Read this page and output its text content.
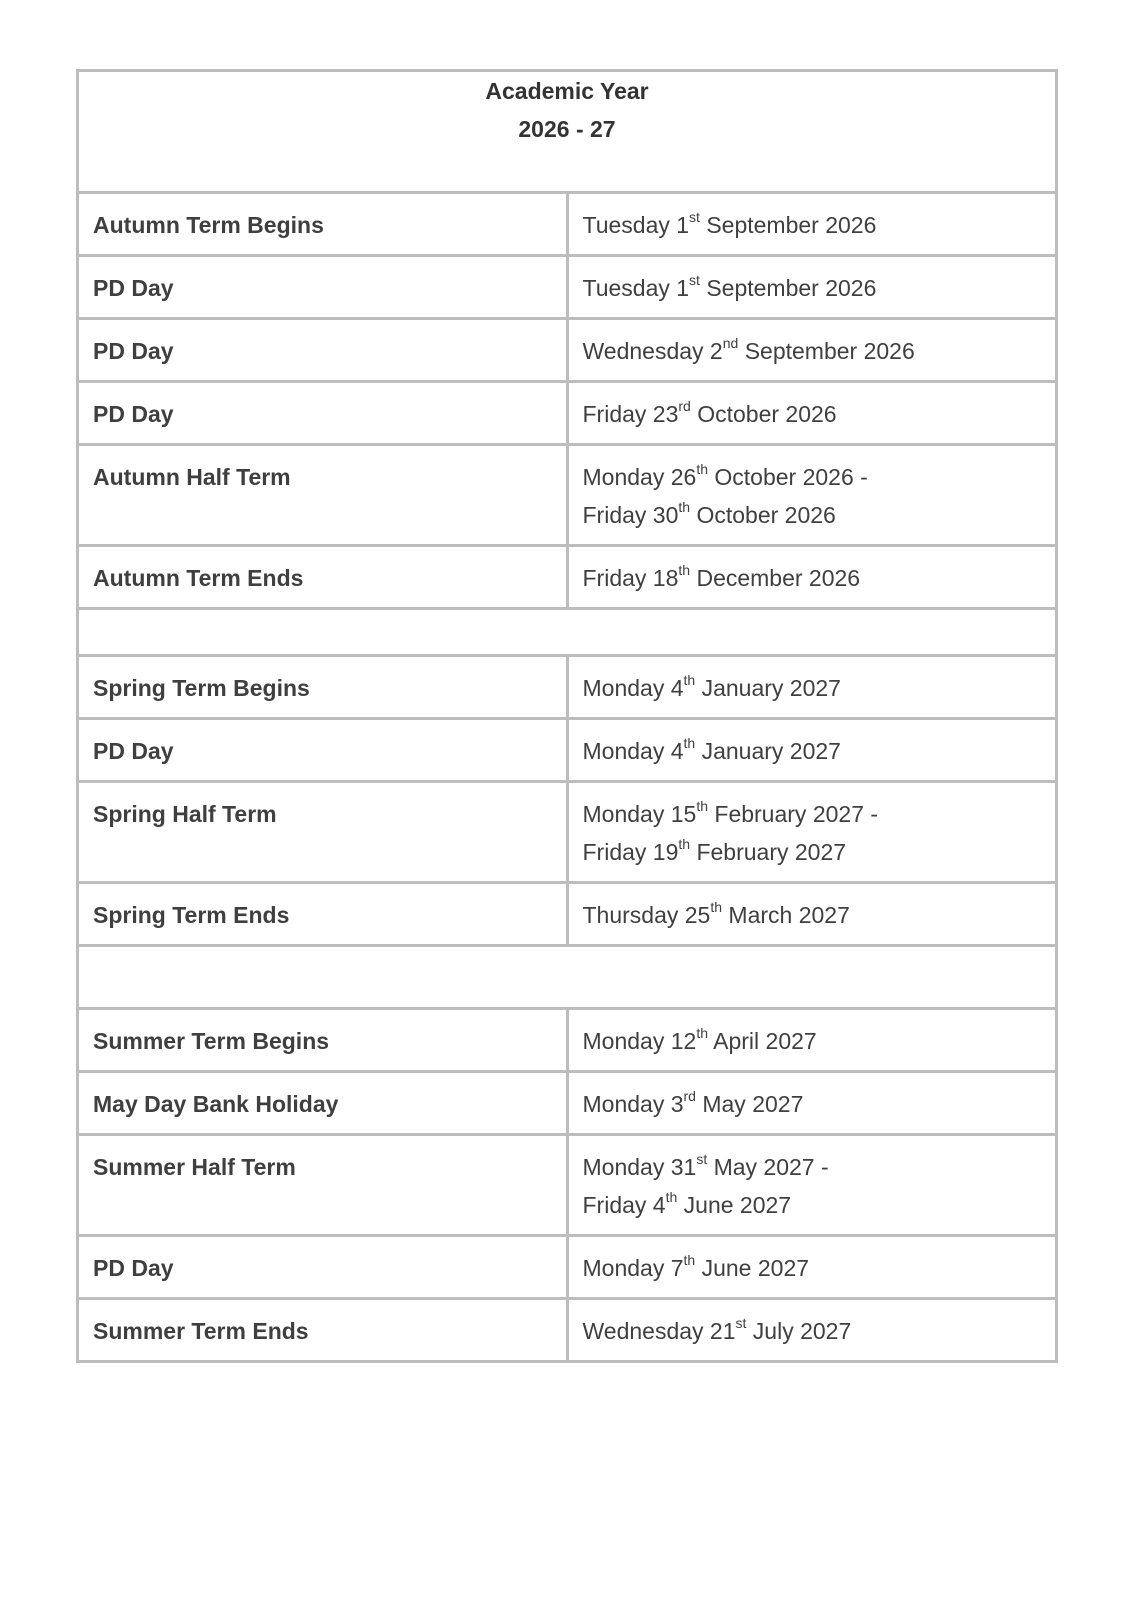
Academic Year
2026 - 27	

Autumn Term Begins	Tuesday 1st September 2026
PD Day	Tuesday 1st September 2026
PD Day	Wednesday 2nd September 2026
PD Day	Friday 23rd October 2026
Autumn Half Term	Monday 26th October 2026 -
Friday 30th October 2026

Autumn Term Ends	Friday 18th December 2026

Spring Term Begins	Monday 4th January 2027
PD Day	Monday 4th January 2027
Spring Half Term	Monday 15th February 2027 -
Friday 19th February 2027

Spring Term Ends	Thursday 25th March 2027

Summer Term Begins	Monday 12th April 2027
May Day Bank Holiday	Monday 3rd May 2027
Summer Half Term	Monday 31st May 2027 -
Friday 4th June 2027

PD Day	Monday 7th June 2027
Summer Term Ends	Wednesday 21st July 2027
